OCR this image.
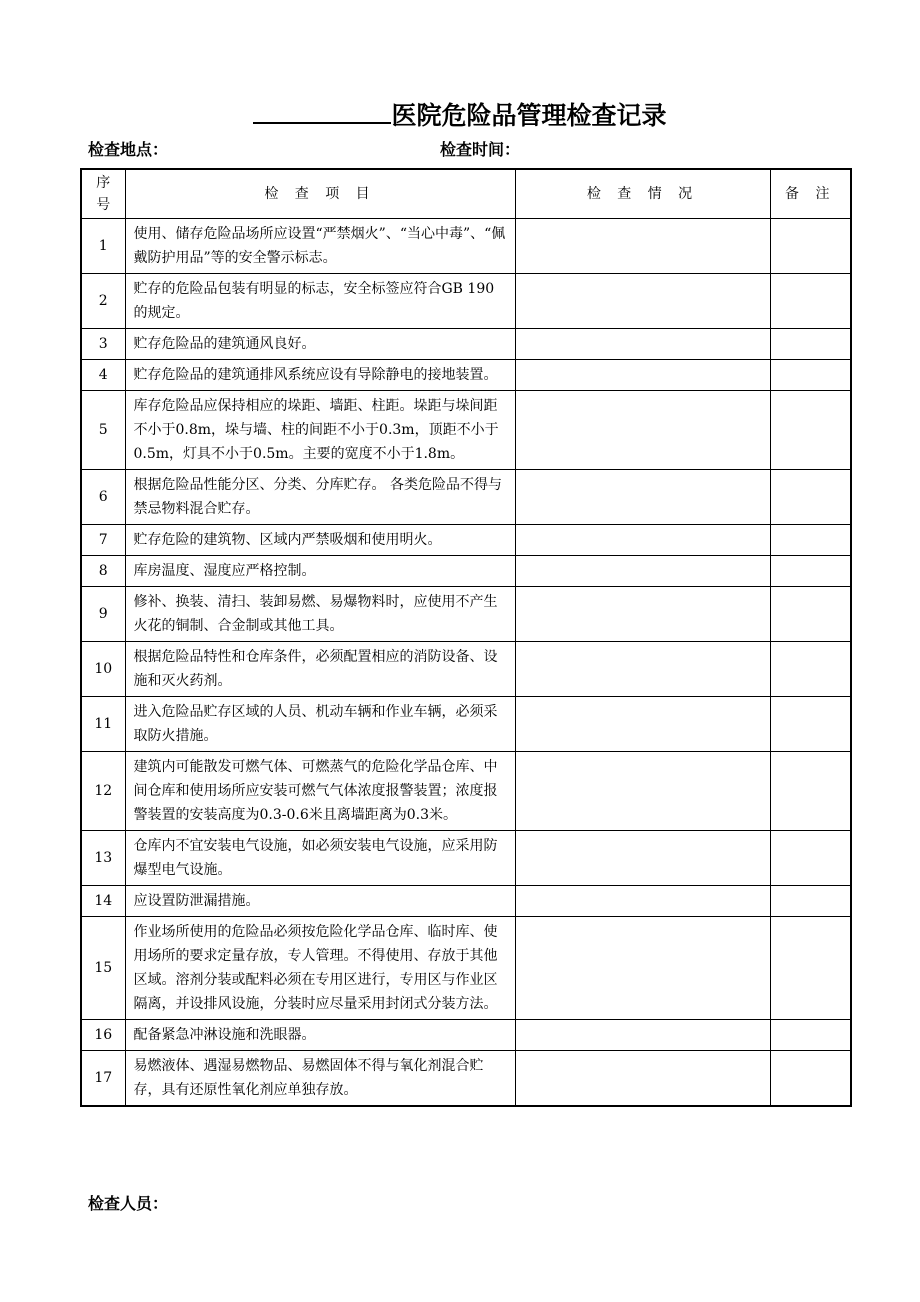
医院危险品管理检查记录
检查地点：	检查时间：
序
号	检 查 项 目	检 查 情 况	备 注
1	使用、储存危险品场所应设置“严禁烟火”、“当心中毒”、“佩戴防护用品”等的安全警示标志。		
2	贮存的危险品包装有明显的标志，安全标签应符合GB 190的规定。		
3	贮存危险品的建筑通风良好。		
4	贮存危险品的建筑通排风系统应设有导除静电的接地装置。		
5	库存危险品应保持相应的垛距、墙距、柱距。垛距与垛间距不小于0.8m，垛与墙、柱的间距不小于0.3m，顶距不小于0.5m，灯具不小于0.5m。主要的宽度不小于1.8m。		
6	根据危险品性能分区、分类、分库贮存。 各类危险品不得与禁忌物料混合贮存。		
7	贮存危险的建筑物、区域内严禁吸烟和使用明火。		
8	库房温度、湿度应严格控制。		
9	修补、换装、清扫、装卸易燃、易爆物料时，应使用不产生火花的铜制、合金制或其他工具。		
10	根据危险品特性和仓库条件，必须配置相应的消防设备、设施和灭火药剂。		
11	进入危险品贮存区域的人员、机动车辆和作业车辆，必须采取防火措施。		
12	建筑内可能散发可燃气体、可燃蒸气的危险化学品仓库、中间仓库和使用场所应安装可燃气气体浓度报警装置；浓度报警装置的安装高度为0.3-0.6米且离墙距离为0.3米。		
13	仓库内不宜安装电气设施，如必须安装电气设施，应采用防爆型电气设施。		
14	应设置防泄漏措施。		
15	作业场所使用的危险品必须按危险化学品仓库、临时库、使用场所的要求定量存放，专人管理。不得使用、存放于其他区域。溶剂分装或配料必须在专用区进行，专用区与作业区隔离，并设排风设施，分装时应尽量采用封闭式分装方法。		
16	配备紧急冲淋设施和洗眼器。		
17	易燃液体、遇湿易燃物品、易燃固体不得与氧化剂混合贮存，具有还原性氧化剂应单独存放。		
检查人员：
